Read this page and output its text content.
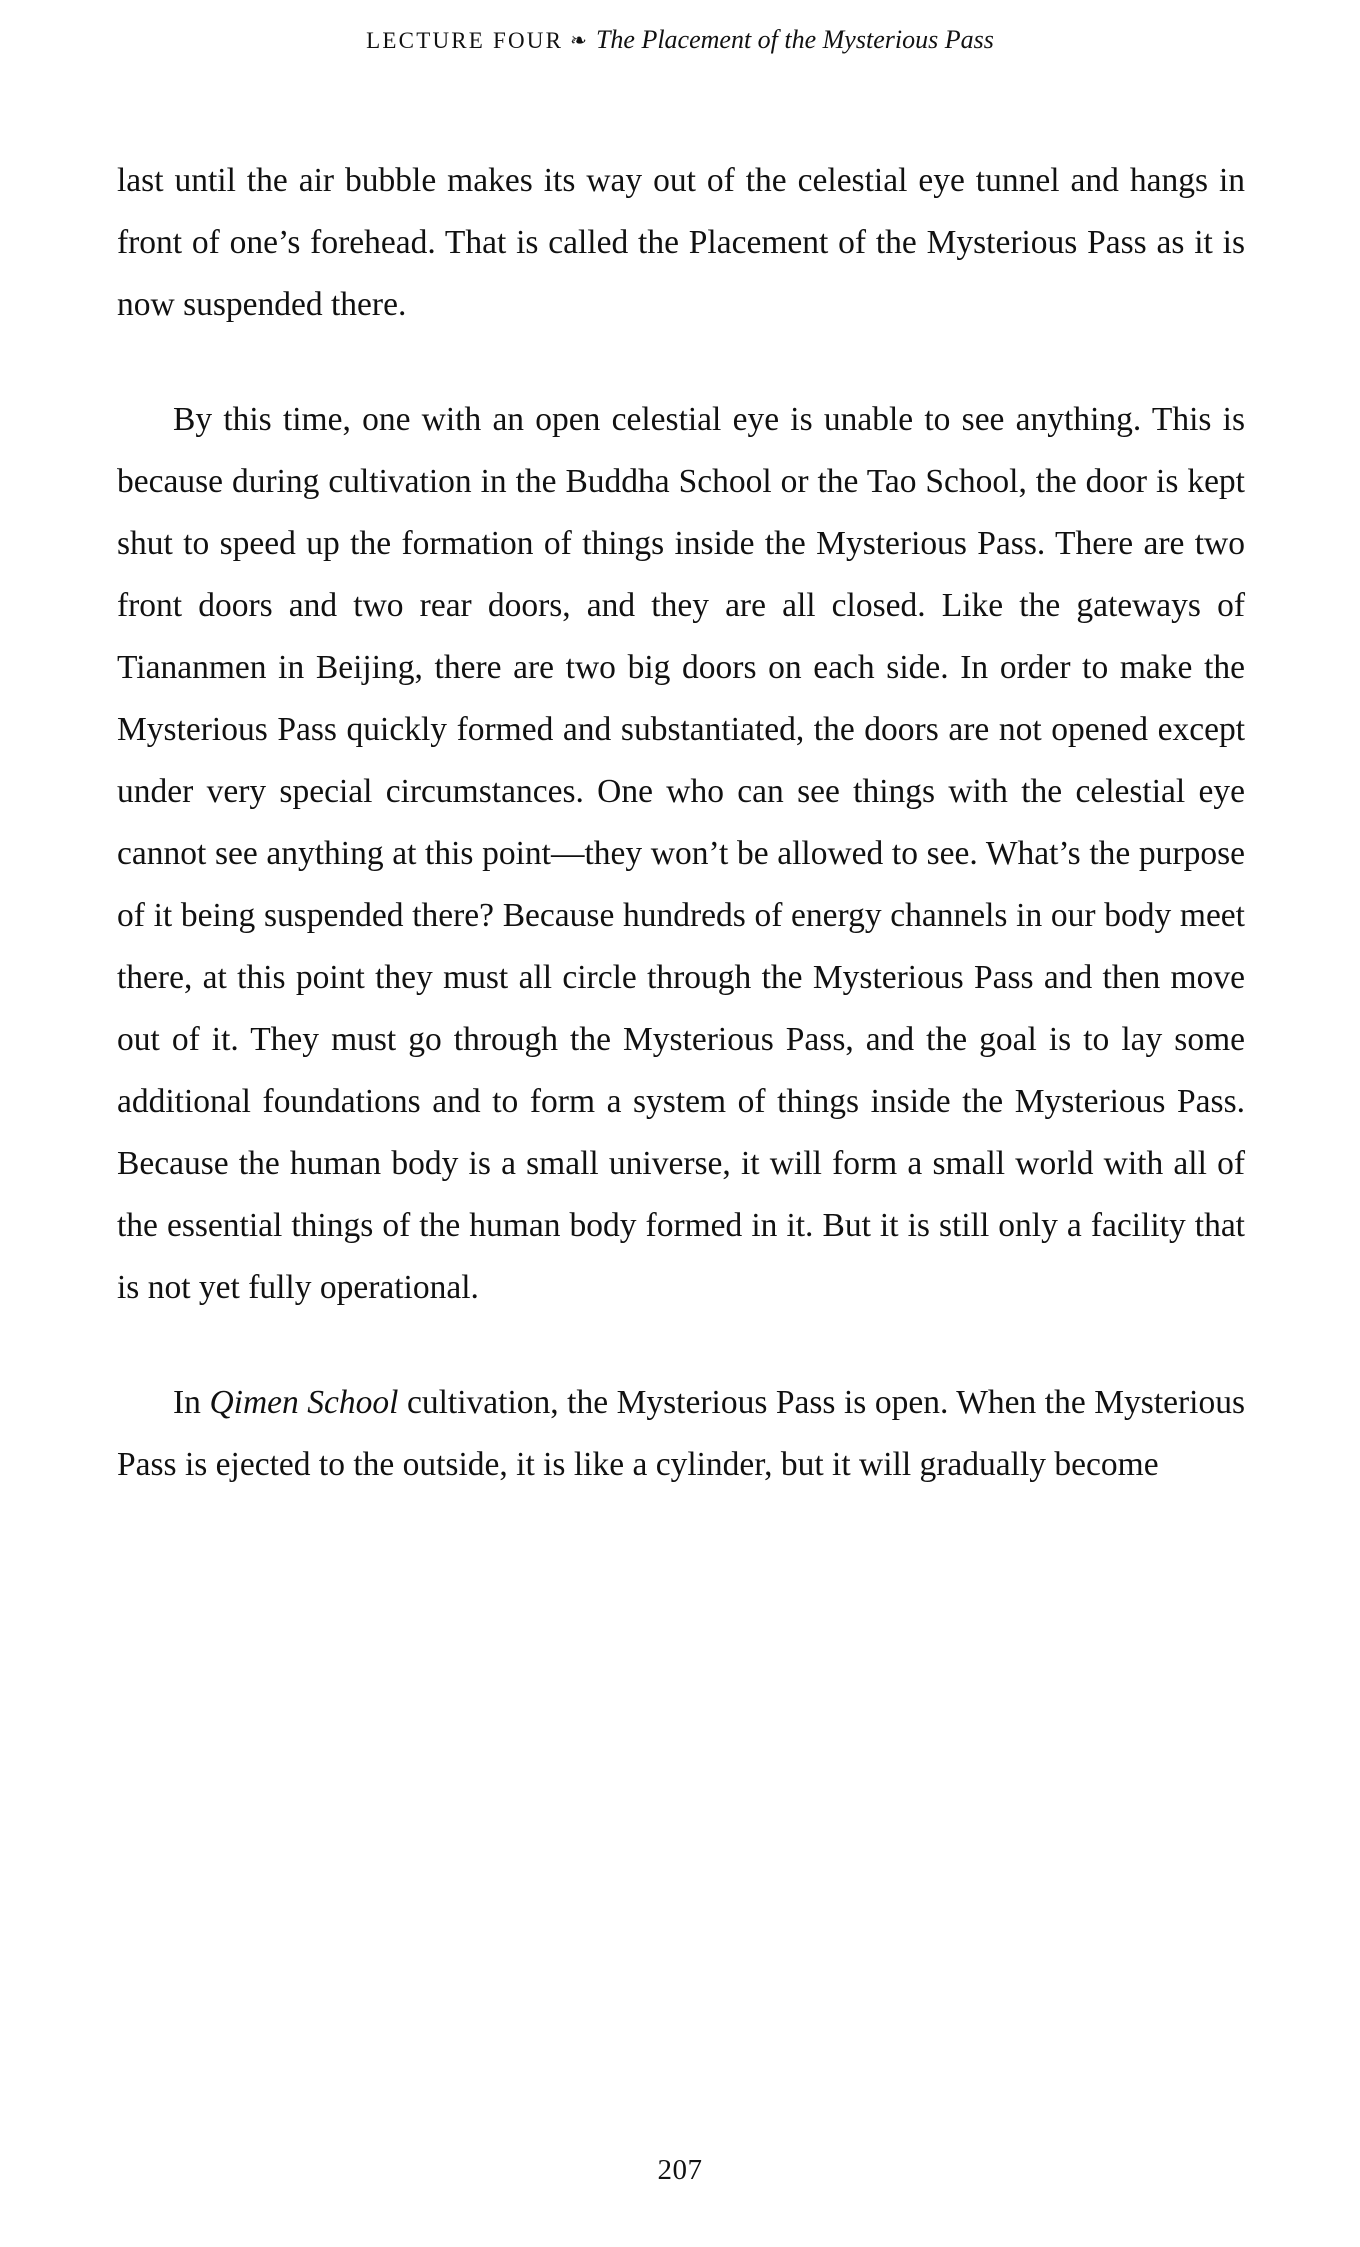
LECTURE FOUR ❧ The Placement of the Mysterious Pass

last until the air bubble makes its way out of the celestial eye tunnel and hangs in front of one’s forehead. That is called the Placement of the Mysterious Pass as it is now suspended there.

By this time, one with an open celestial eye is unable to see anything. This is because during cultivation in the Buddha School or the Tao School, the door is kept shut to speed up the formation of things inside the Mysterious Pass. There are two front doors and two rear doors, and they are all closed. Like the gateways of Tiananmen in Beijing, there are two big doors on each side. In order to make the Mysterious Pass quickly formed and substantiated, the doors are not opened except under very special circumstances. One who can see things with the celestial eye cannot see anything at this point—they won’t be allowed to see. What’s the purpose of it being suspended there? Because hundreds of energy channels in our body meet there, at this point they must all circle through the Mysterious Pass and then move out of it. They must go through the Mysterious Pass, and the goal is to lay some additional foundations and to form a system of things inside the Mysterious Pass. Because the human body is a small universe, it will form a small world with all of the essential things of the human body formed in it. But it is still only a facility that is not yet fully operational.

In Qimen School cultivation, the Mysterious Pass is open. When the Mysterious Pass is ejected to the outside, it is like a cylinder, but it will gradually become

207
